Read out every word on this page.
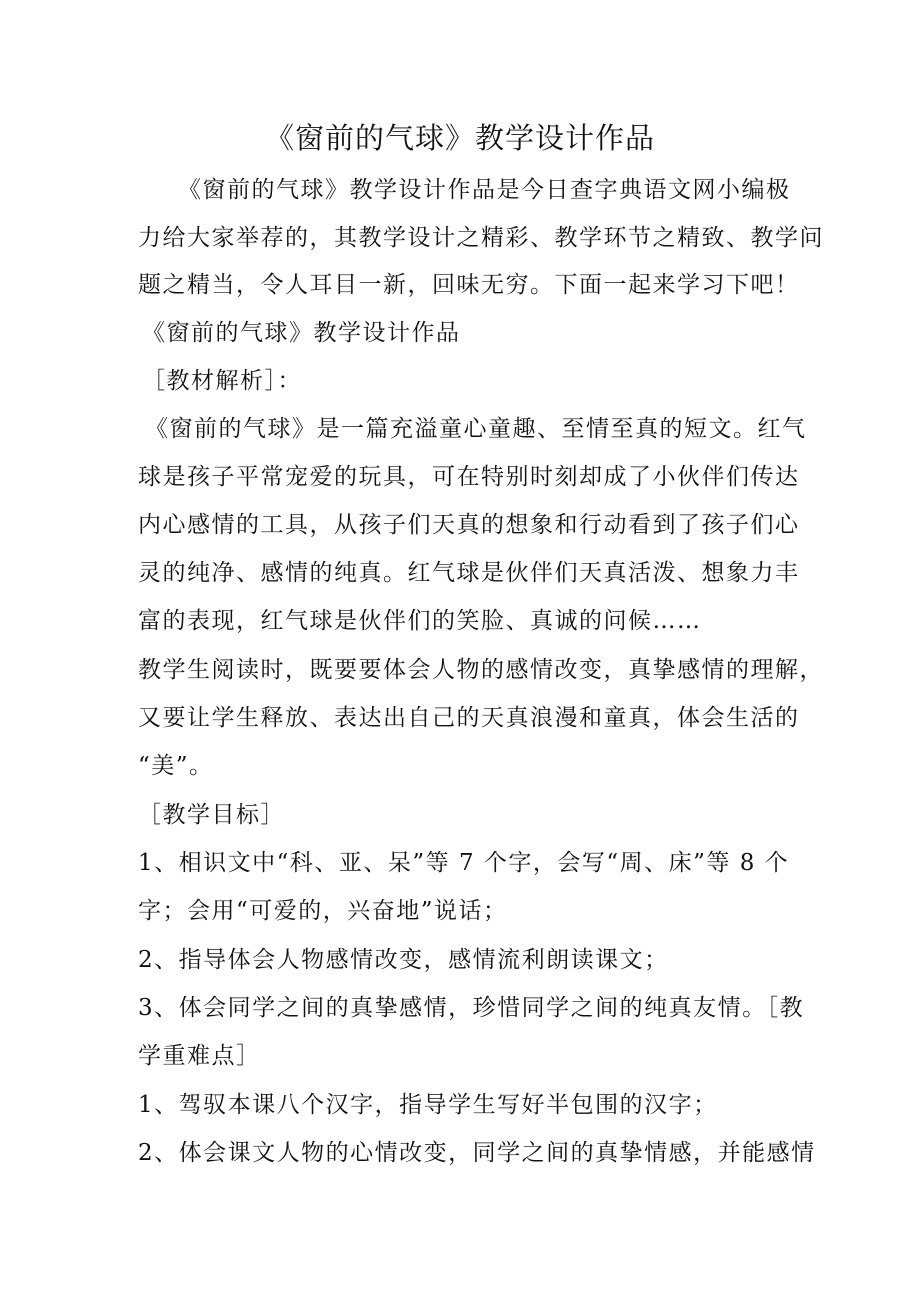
《窗前的气球》教学设计作品
《窗前的气球》教学设计作品是今日查字典语文网小编极
力给大家举荐的，其教学设计之精彩、教学环节之精致、教学问
题之精当，令人耳目一新，回味无穷。下面一起来学习下吧！
《窗前的气球》教学设计作品
［教材解析］：
《窗前的气球》是一篇充溢童心童趣、至情至真的短文。红气
球是孩子平常宠爱的玩具，可在特别时刻却成了小伙伴们传达
内心感情的工具，从孩子们天真的想象和行动看到了孩子们心
灵的纯净、感情的纯真。红气球是伙伴们天真活泼、想象力丰
富的表现，红气球是伙伴们的笑脸、真诚的问候……
教学生阅读时，既要要体会人物的感情改变，真挚感情的理解，
又要让学生释放、表达出自己的天真浪漫和童真，体会生活的
“美”。
［教学目标］
1、相识文中“科、亚、呆”等 7 个字，会写“周、床”等 8 个
字；会用“可爱的，兴奋地”说话；
2、指导体会人物感情改变，感情流利朗读课文；
3、体会同学之间的真挚感情，珍惜同学之间的纯真友情。［教
学重难点］
1、驾驭本课八个汉字，指导学生写好半包围的汉字；
2、体会课文人物的心情改变，同学之间的真挚情感，并能感情
